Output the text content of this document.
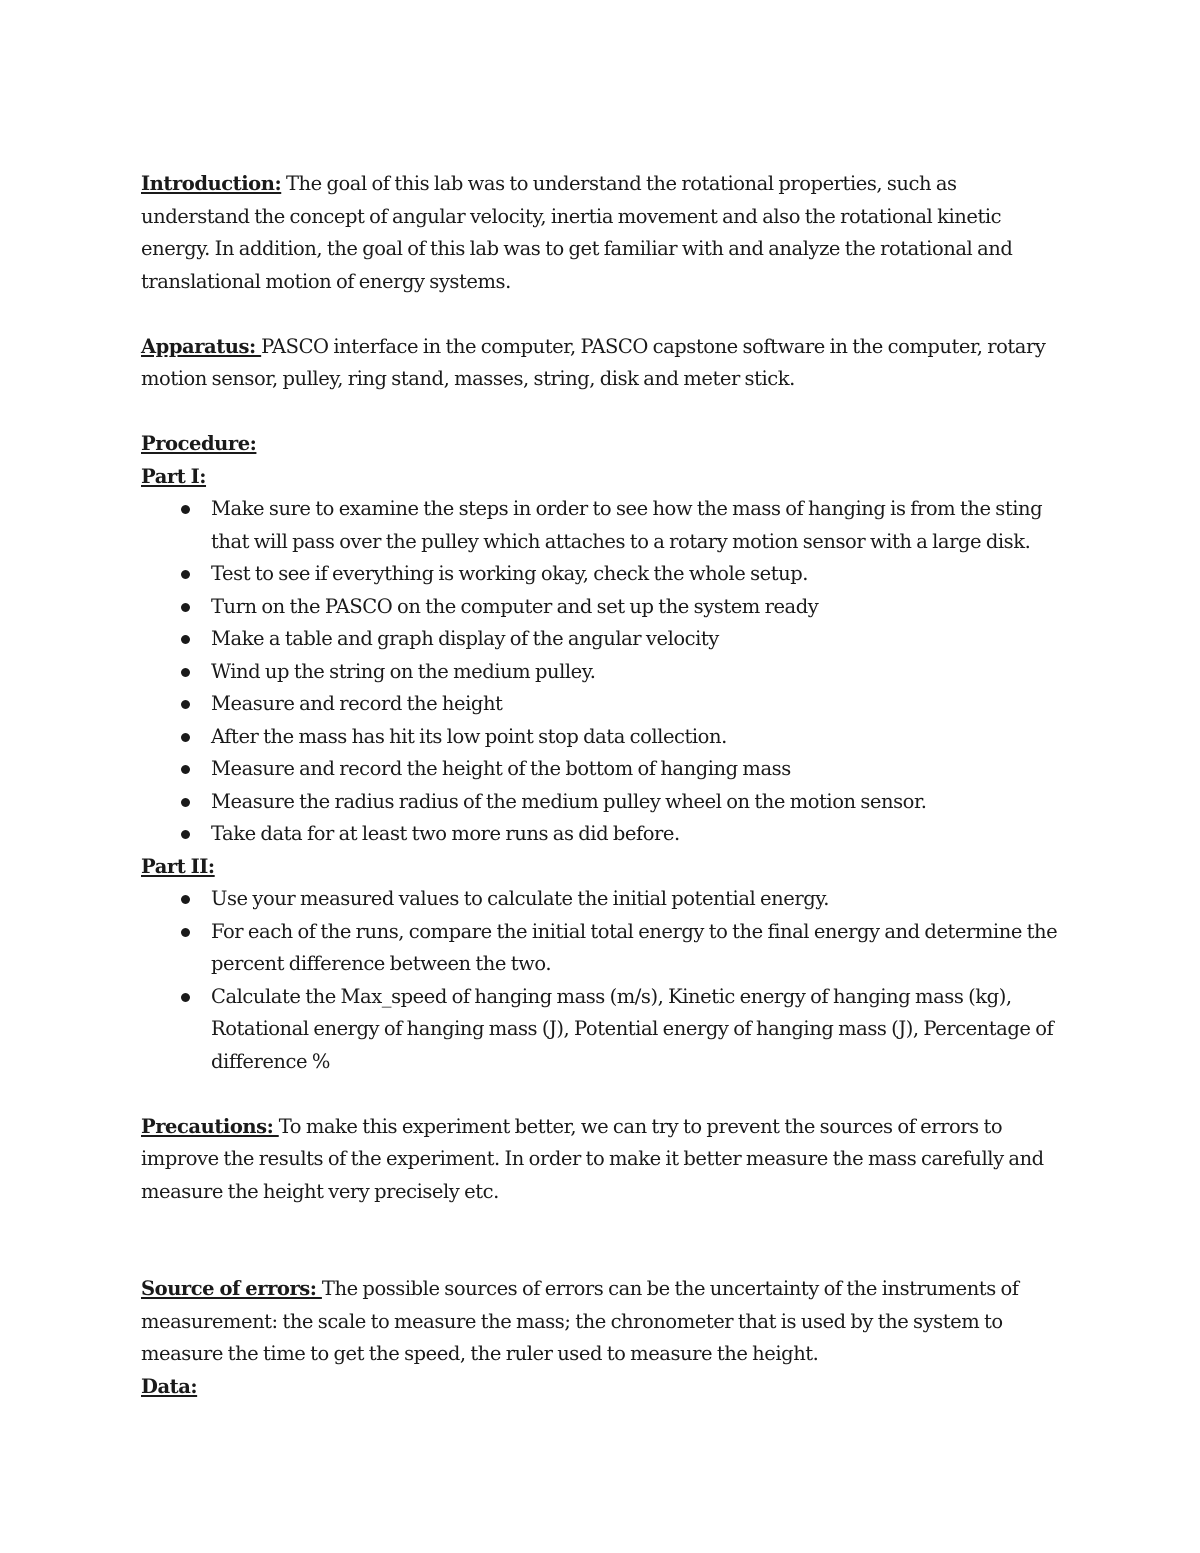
Introduction: The goal of this lab was to understand the rotational properties, such as understand the concept of angular velocity, inertia movement and also the rotational kinetic energy. In addition, the goal of this lab was to get familiar with and analyze the rotational and translational motion of energy systems.

Apparatus: PASCO interface in the computer, PASCO capstone software in the computer, rotary motion sensor, pulley, ring stand, masses, string, disk and meter stick.

Procedure:

Part I:

Make sure to examine the steps in order to see how the mass of hanging is from the sting that will pass over the pulley which attaches to a rotary motion sensor with a large disk.
Test to see if everything is working okay, check the whole setup.
Turn on the PASCO on the computer and set up the system ready
Make a table and graph display of the angular velocity
Wind up the string on the medium pulley.
Measure and record the height
After the mass has hit its low point stop data collection.
Measure and record the height of the bottom of hanging mass
Measure the radius radius of the medium pulley wheel on the motion sensor.
Take data for at least two more runs as did before.

Part II:

Use your measured values to calculate the initial potential energy.
For each of the runs, compare the initial total energy to the final energy and determine the percent difference between the two.
Calculate the Max_speed of hanging mass (m/s), Kinetic energy of hanging mass (kg), Rotational energy of hanging mass (J), Potential energy of hanging mass (J), Percentage of difference %

Precautions: To make this experiment better, we can try to prevent the sources of errors to improve the results of the experiment. In order to make it better measure the mass carefully and measure the height very precisely etc.

Source of errors: The possible sources of errors can be the uncertainty of the instruments of measurement: the scale to measure the mass; the chronometer that is used by the system to measure the time to get the speed, the ruler used to measure the height.

Data:
